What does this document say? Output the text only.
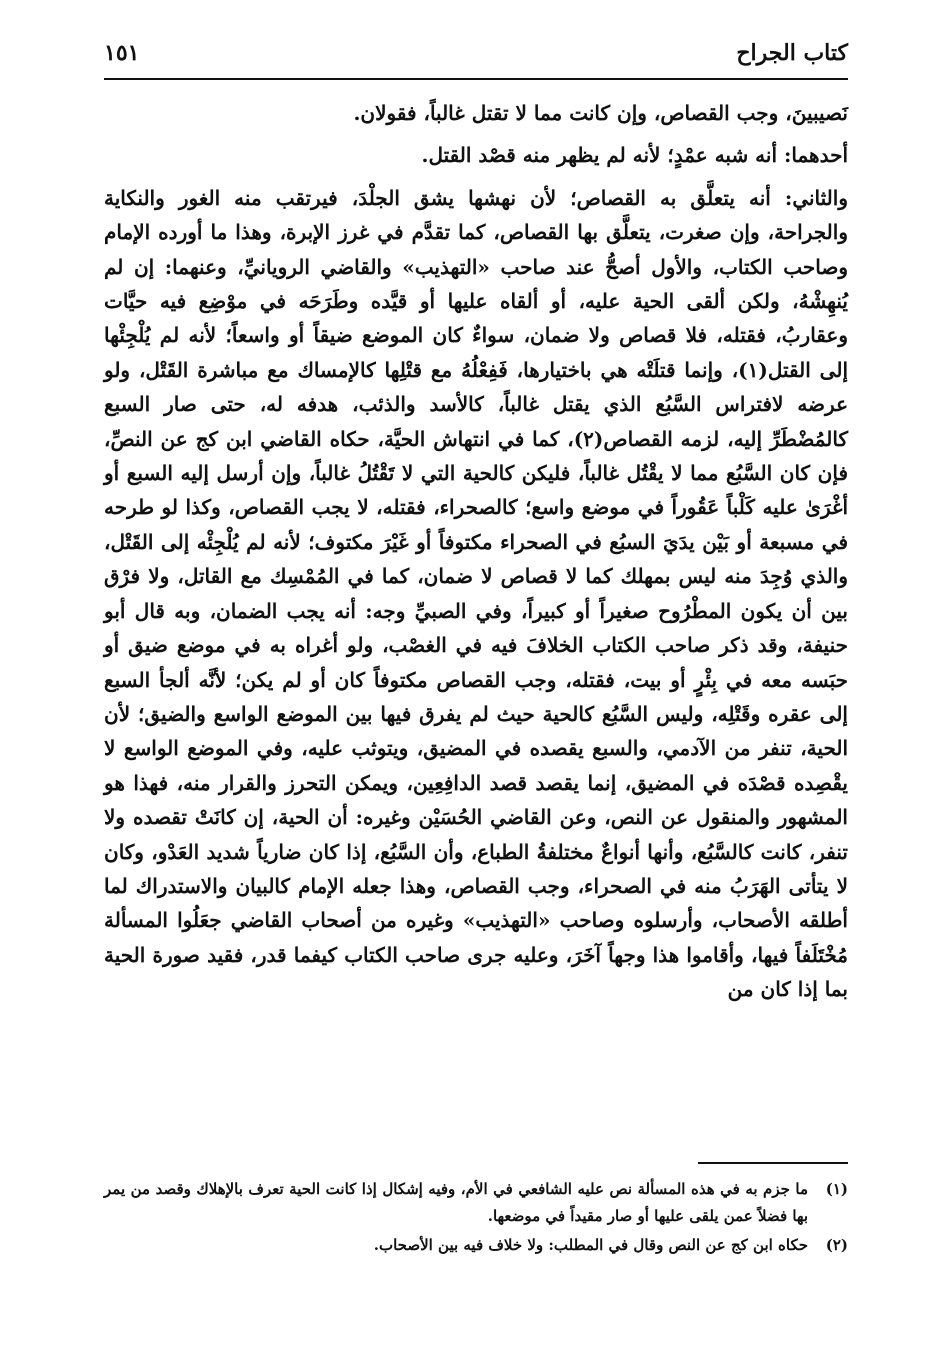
كتاب الجراح
١٥١

نَصيبينَ، وجب القصاص، وإن كانت مما لا تقتل غالباً، فقولان.

أحدهما: أنه شبه عمْدٍ؛ لأنه لم يظهر منه قصْد القتل.

والثاني: أنه يتعلَّق به القصاص؛ لأن نهشها يشق الجلْدَ، فيرتقب منه الغور والنكاية والجراحة، وإن صغرت، يتعلَّق بها القصاص، كما تقدَّم في غرز الإبرة، وهذا ما أورده الإمام وصاحب الكتاب، والأول أصحُّ عند صاحب «التهذيب» والقاضي الرويانيِّ، وعنهما: إن لم يُنهِشْهُ، ولكن ألقى الحية عليه، أو ألقاه عليها أو قيَّده وطَرَحَه في موْضِع فيه حيَّات وعقاربُ، فقتله، فلا قصاص ولا ضمان، سواءٌ كان الموضع ضيقاً أو واسعاً؛ لأنه لم يُلْجِئْها إلى القتل(١)، وإنما قتلَتْه هي باختيارها، فَفِعْلُهُ مع قتْلِها كالإمساك مع مباشرة القَتْل، ولو عرضه لافتراس السَّبُع الذي يقتل غالباً، كالأسد والذئب، هدفه له، حتى صار السبع كالمُضْطَرِّ إليه، لزمه القصاص(٢)، كما في انتهاش الحيَّة، حكاه القاضي ابن كج عن النصِّ، فإن كان السَّبُع مما لا يقْتُل غالباً، فليكن كالحية التي لا تَقْتُلُ غالباً، وإن أرسل إليه السبع أو أغْرَىٰ عليه كَلْباً عَقُوراً في موضع واسع؛ كالصحراء، فقتله، لا يجب القصاص، وكذا لو طرحه في مسبعة أو بَيْن يدَيَ السبُع في الصحراء مكتوفاً أو غَيْرَ مكتوف؛ لأنه لم يُلْجِئْه إلى القَتْل، والذي وُجِدَ منه ليس بمهلك كما لا قصاص لا ضمان، كما في المُمْسِك مع القاتل، ولا فرْق بين أن يكون المطْرُوح صغيراً أو كبيراً، وفي الصبيِّ وجه: أنه يجب الضمان، وبه قال أبو حنيفة، وقد ذكر صاحب الكتاب الخلافَ فيه في الغصْب، ولو أغراه به في موضع ضيق أو حبَسه معه في بِئْرٍ أو بيت، فقتله، وجب القصاص مكتوفاً كان أو لم يكن؛ لأنَّه ألجأ السبع إلى عقره وقَتْلِه، وليس السَّبُع كالحية حيث لم يفرق فيها بين الموضع الواسع والضيق؛ لأن الحية، تنفر من الآدمي، والسبع يقصده في المضيق، ويتوثب عليه، وفي الموضع الواسع لا يقْصِده قصْدَه في المضيق، إنما يقصد قصد الدافِعِين، ويمكن التحرز والقرار منه، فهذا هو المشهور والمنقول عن النص، وعن القاضي الحُسَيْن وغيره: أن الحية، إن كانَتْ تقصده ولا تنفر، كانت كالسَّبُع، وأنها أنواعٌ مختلفةُ الطباع، وأن السَّبُع، إذا كان ضارياً شديد العَدْو، وكان لا يتأتى الهَرَبُ منه في الصحراء، وجب القصاص، وهذا جعله الإمام كالبيان والاستدراك لما أطلقه الأصحاب، وأرسلوه وصاحب «التهذيب» وغيره من أصحاب القاضي جعَلُوا المسألة مُخْتَلَفاً فيها، وأقاموا هذا وجهاً آخَرَ، وعليه جرى صاحب الكتاب كيفما قدر، فقيد صورة الحية بما إذا كان من

(١)
ما جزم به في هذه المسألة نص عليه الشافعي في الأم، وفيه إشكال إذا كانت الحية تعرف بالإهلاك وقصد من يمر بها فضلاً عمن يلقى عليها أو صار مقيداً في موضعها.
(٢)
حكاه ابن كج عن النص وقال في المطلب: ولا خلاف فيه بين الأصحاب.
